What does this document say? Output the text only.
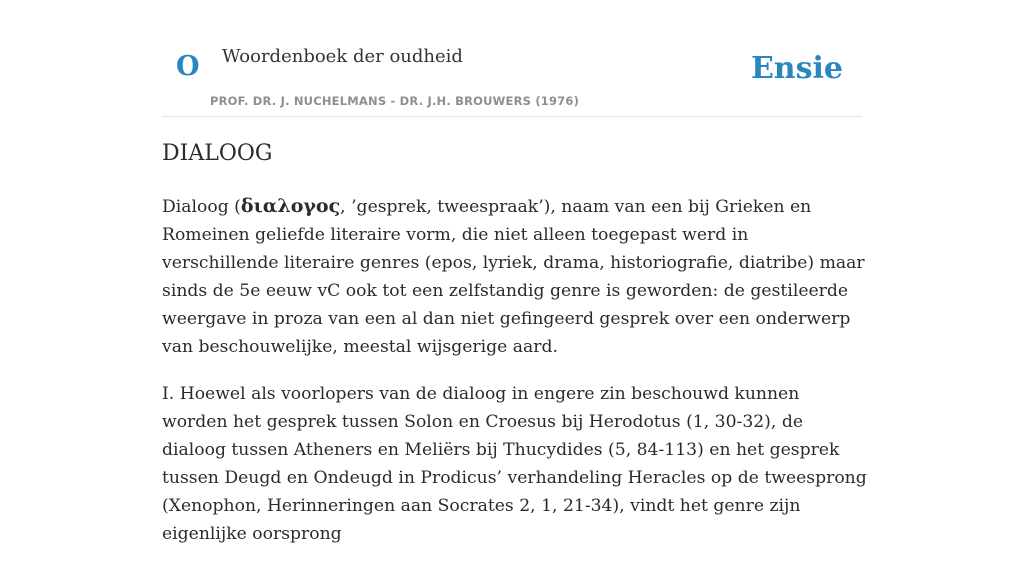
O Woordenboek der oudheid
PROF. DR. J. NUCHELMANS - DR. J.H. BROUWERS (1976)
Ensie
DIALOOG

Dialoog (διαλογος, ’gesprek, tweespraak’), naam van een bij Grieken en Romeinen geliefde literaire vorm, die niet alleen toegepast werd in verschillende literaire genres (epos, lyriek, drama, historiografie, diatribe) maar sinds de 5e eeuw vC ook tot een zelfstandig genre is geworden: de gestileerde weergave in proza van een al dan niet gefingeerd gesprek over een onderwerp van beschouwelijke, meestal wijsgerige aard.

I. Hoewel als voorlopers van de dialoog in engere zin beschouwd kunnen worden het gesprek tussen Solon en Croesus bij Herodotus (1, 30-32), de dialoog tussen Atheners en Meliërs bij Thucydides (5, 84-113) en het gesprek tussen Deugd en Ondeugd in Prodicus’ verhandeling Heracles op de tweesprong (Xenophon, Herinneringen aan Socrates 2, 1, 21-34), vindt het genre zijn eigenlijke oorsprong
